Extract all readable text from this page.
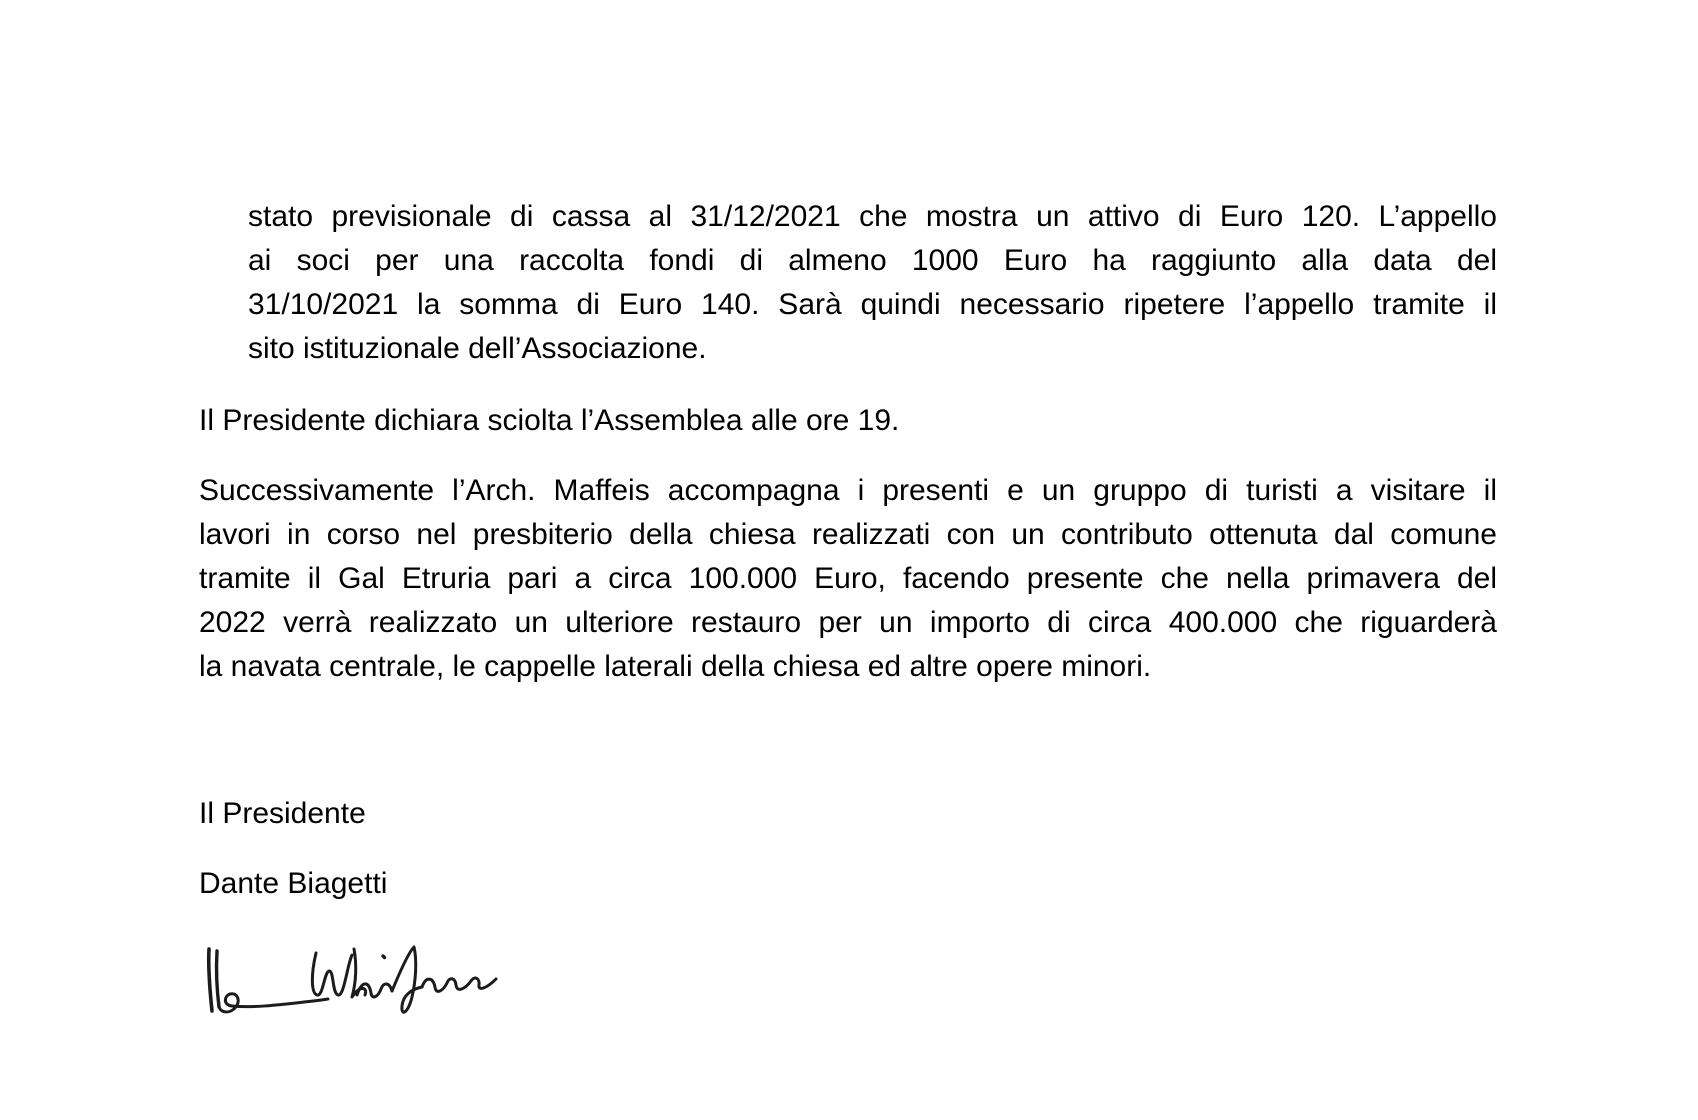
stato previsionale di cassa al 31/12/2021 che mostra un attivo di Euro 120. L’appello
ai soci per una raccolta fondi di almeno 1000 Euro ha raggiunto alla data del
31/10/2021 la somma di Euro 140. Sarà quindi necessario ripetere l’appello tramite il
sito istituzionale dell’Associazione.
Il Presidente dichiara sciolta l’Assemblea alle ore 19.
Successivamente l’Arch. Maffeis accompagna i presenti e un gruppo di turisti a visitare il
lavori in corso nel presbiterio della chiesa realizzati con un contributo ottenuta dal comune
tramite il Gal Etruria pari a circa 100.000 Euro, facendo presente che nella primavera del
2022 verrà realizzato un ulteriore restauro per un importo di circa 400.000 che riguarderà
la navata centrale, le cappelle laterali della chiesa ed altre opere minori.
Il Presidente
Dante Biagetti
